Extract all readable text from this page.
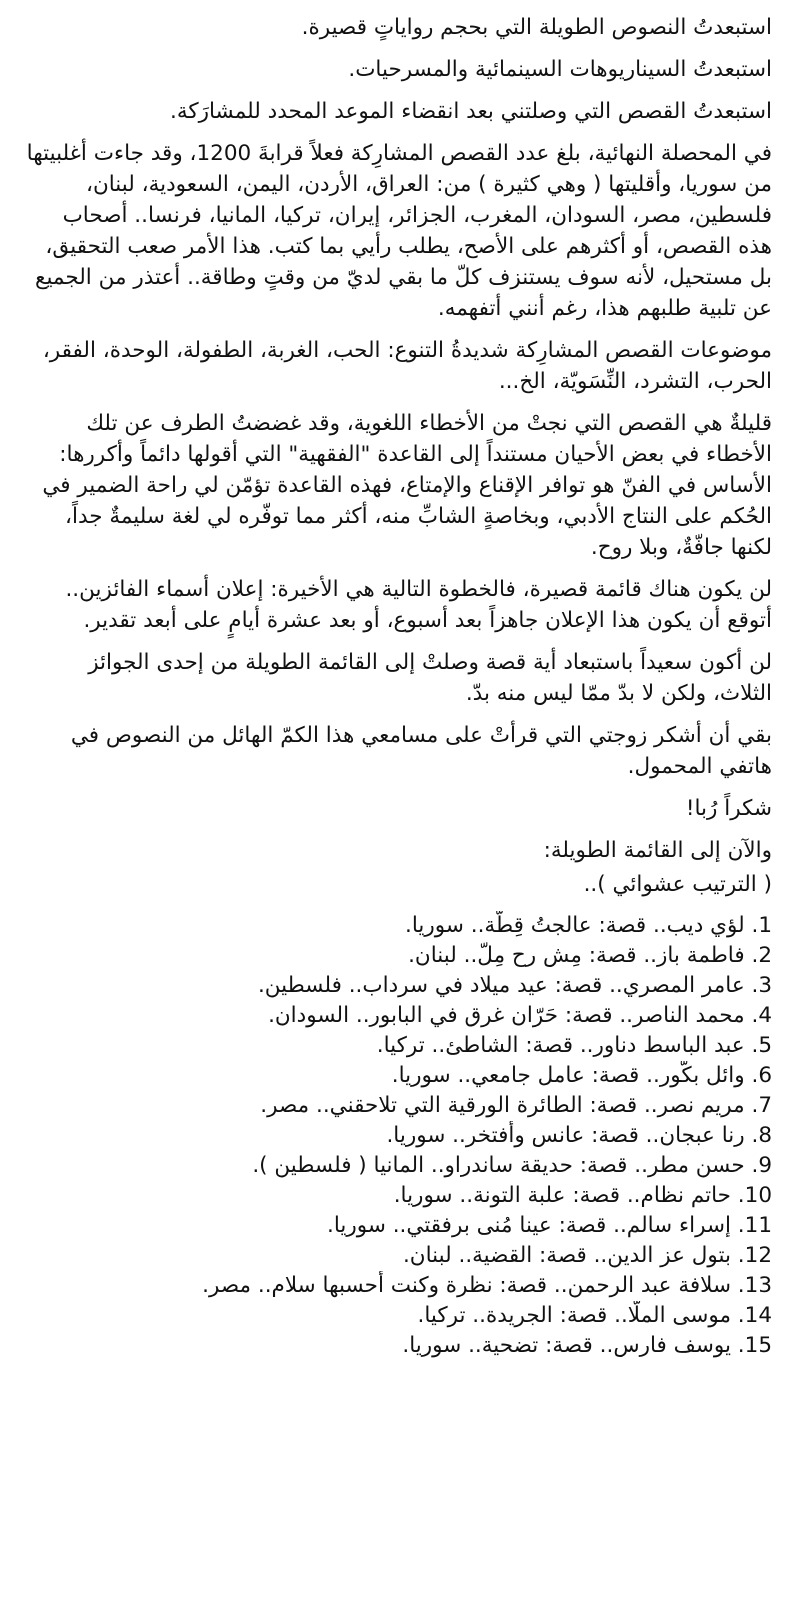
استبعدتُ النصوص الطويلة التي بحجم رواياتٍ قصيرة.

استبعدتُ السيناريوهات السينمائية والمسرحيات.

استبعدتُ القصص التي وصلتني بعد انقضاء الموعد المحدد للمشارَكة.

في المحصلة النهائية، بلغ عدد القصص المشارِكة فعلاً قرابةَ 1200، وقد جاءت أغلبيتها من سوريا، وأقليتها ( وهي كثيرة ) من: العراق، الأردن، اليمن، السعودية، لبنان، فلسطين، مصر، السودان، المغرب، الجزائر، إيران، تركيا، المانيا، فرنسا.. أصحاب هذه القصص، أو أكثرهم على الأصح، يطلب رأيي بما كتب. هذا الأمر صعب التحقيق، بل مستحيل، لأنه سوف يستنزف كلّ ما بقي لديّ من وقتٍ وطاقة.. أعتذر من الجميع عن تلبية طلبهم هذا، رغم أنني أتفهمه.

موضوعات القصص المشارِكة شديدةُ التنوع: الحب، الغربة، الطفولة، الوحدة، الفقر، الحرب، التشرد، النِّسَويّة، الخ...

قليلةٌ هي القصص التي نجتْ من الأخطاء اللغوية، وقد غضضتُ الطرف عن تلك الأخطاء في بعض الأحيان مستنداً إلى القاعدة "الفقهية" التي أقولها دائماً وأكررها: الأساس في الفنّ هو توافر الإقناع والإمتاع، فهذه القاعدة تؤمّن لي راحة الضمير في الحُكم على النتاج الأدبي، وبخاصةٍ الشابِّ منه، أكثر مما توفّره لي لغة سليمةٌ جداً، لكنها جافّةٌ، وبلا روح.

لن يكون هناك قائمة قصيرة، فالخطوة التالية هي الأخيرة: إعلان أسماء الفائزين.. أتوقع أن يكون هذا الإعلان جاهزاً بعد أسبوع، أو بعد عشرة أيامٍ على أبعد تقدير.

لن أكون سعيداً باستبعاد أية قصة وصلتْ إلى القائمة الطويلة من إحدى الجوائز الثلاث، ولكن لا بدّ ممّا ليس منه بدّ.

بقي أن أشكر زوجتي التي قرأتْ على مسامعي هذا الكمّ الهائل من النصوص في هاتفي المحمول.

شكراً رُبا!

والآن إلى القائمة الطويلة:

( الترتيب عشوائي )..

1. لؤي ديب.. قصة: عالجتُ قِطّة.. سوريا.
2. فاطمة باز.. قصة: مِش رح مِلّ.. لبنان.
3. عامر المصري.. قصة: عيد ميلاد في سرداب.. فلسطين.
4. محمد الناصر.. قصة: حَرّان غرق في البابور.. السودان.
5. عبد الباسط دناور.. قصة: الشاطئ.. تركيا.
6. وائل بكّور.. قصة: عامل جامعي.. سوريا.
7. مريم نصر.. قصة: الطائرة الورقية التي تلاحقني.. مصر.
8. رنا عبجان.. قصة: عانس وأفتخر.. سوريا.
9. حسن مطر.. قصة: حديقة ساندراو.. المانيا ( فلسطين ).
10. حاتم نظام.. قصة: علبة التونة.. سوريا.
11. إسراء سالم.. قصة: عينا مُنى برفقتي.. سوريا.
12. بتول عز الدين.. قصة: القضية.. لبنان.
13. سلافة عبد الرحمن.. قصة: نظرة وكنت أحسبها سلام.. مصر.
14. موسى الملّا.. قصة: الجريدة.. تركيا.
15. يوسف فارس.. قصة: تضحية.. سوريا.
